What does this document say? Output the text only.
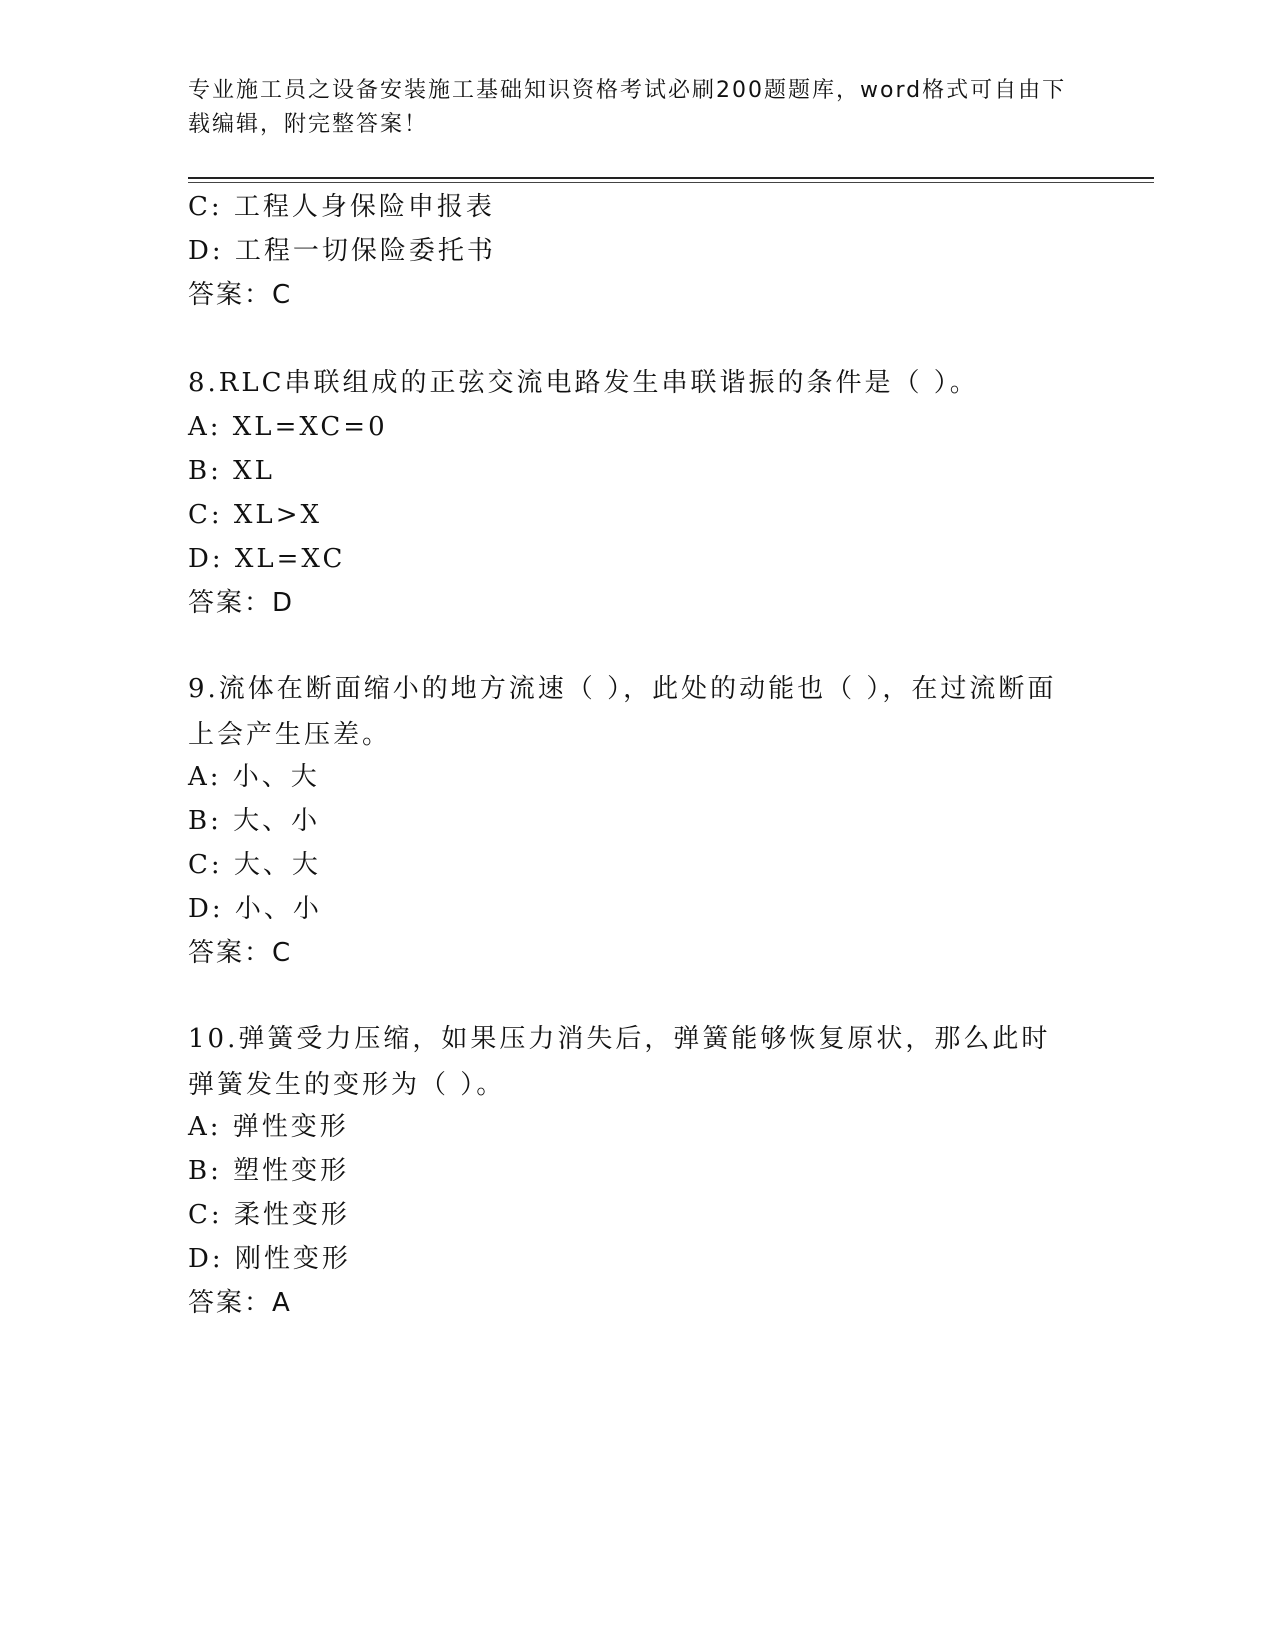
专业施工员之设备安装施工基础知识资格考试必刷200题题库，word格式可自由下载编辑，附完整答案！
C: 工程人身保险申报表
D: 工程一切保险委托书
答案：C
8.RLC串联组成的正弦交流电路发生串联谐振的条件是（ ）。
A: XL=XC=0
B: XL
C: XL>X
D: XL=XC
答案：D
9.流体在断面缩小的地方流速（ ），此处的动能也（ ），在过流断面上会产生压差。
A: 小、大
B: 大、小
C: 大、大
D: 小、小
答案：C
10.弹簧受力压缩，如果压力消失后，弹簧能够恢复原状，那么此时弹簧发生的变形为（ ）。
A: 弹性变形
B: 塑性变形
C: 柔性变形
D: 刚性变形
答案：A
